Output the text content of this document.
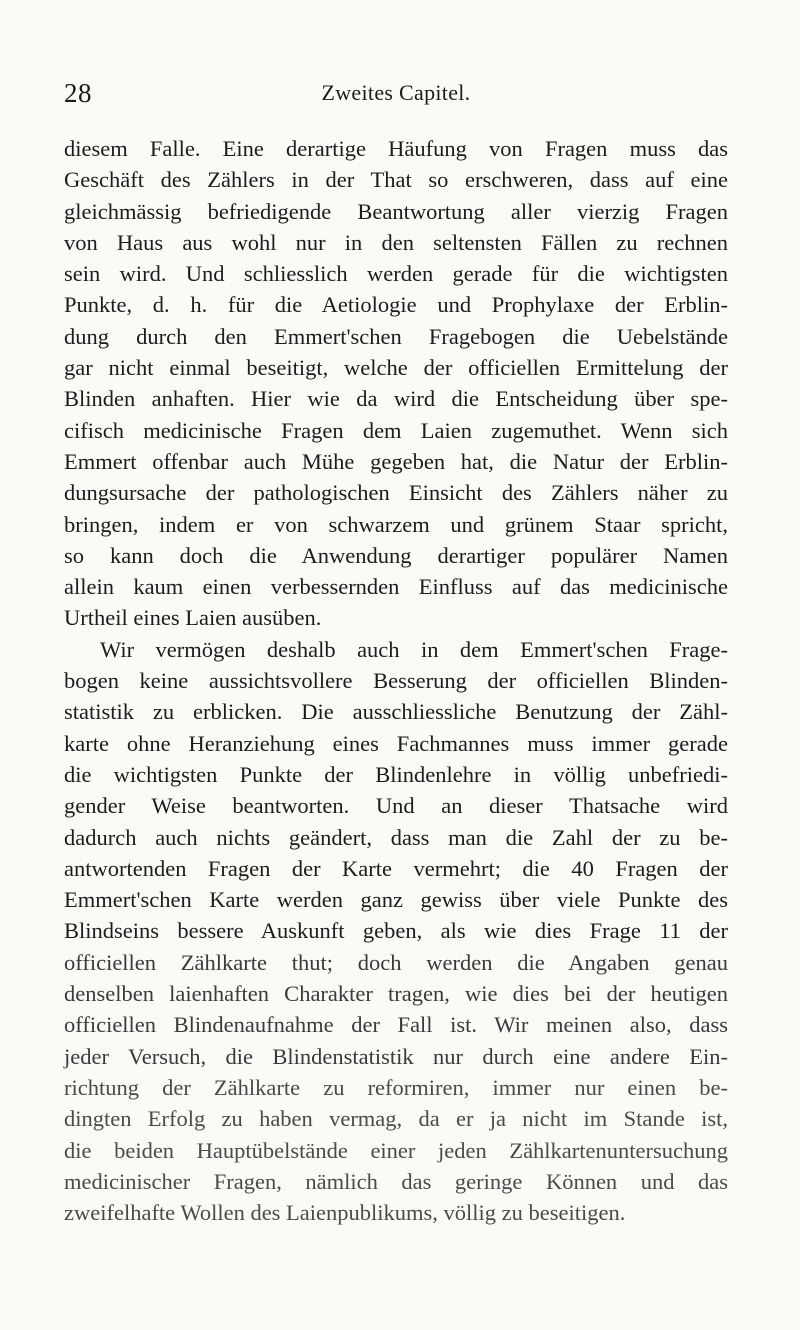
28	Zweites Capitel.
diesem Falle. Eine derartige Häufung von Fragen muss das
Geschäft des Zählers in der That so erschweren, dass auf eine
gleichmässig befriedigende Beantwortung aller vierzig Fragen
von Haus aus wohl nur in den seltensten Fällen zu rechnen
sein wird. Und schliesslich werden gerade für die wichtigsten
Punkte, d. h. für die Aetiologie und Prophylaxe der Erblin-
dung durch den Emmert'schen Fragebogen die Uebelstände
gar nicht einmal beseitigt, welche der officiellen Ermittelung der
Blinden anhaften. Hier wie da wird die Entscheidung über spe-
cifisch medicinische Fragen dem Laien zugemuthet. Wenn sich
Emmert offenbar auch Mühe gegeben hat, die Natur der Erblin-
dungsursache der pathologischen Einsicht des Zählers näher zu
bringen, indem er von schwarzem und grünem Staar spricht,
so kann doch die Anwendung derartiger populärer Namen
allein kaum einen verbessernden Einfluss auf das medicinische
Urtheil eines Laien ausüben.
Wir vermögen deshalb auch in dem Emmert'schen Frage-
bogen keine aussichtsvollere Besserung der officiellen Blinden-
statistik zu erblicken. Die ausschliessliche Benutzung der Zähl-
karte ohne Heranziehung eines Fachmannes muss immer gerade
die wichtigsten Punkte der Blindenlehre in völlig unbefriedi-
gender Weise beantworten. Und an dieser Thatsache wird
dadurch auch nichts geändert, dass man die Zahl der zu be-
antwortenden Fragen der Karte vermehrt; die 40 Fragen der
Emmert'schen Karte werden ganz gewiss über viele Punkte des
Blindseins bessere Auskunft geben, als wie dies Frage 11 der
officiellen Zählkarte thut; doch werden die Angaben genau
denselben laienhaften Charakter tragen, wie dies bei der heutigen
officiellen Blindenaufnahme der Fall ist. Wir meinen also, dass
jeder Versuch, die Blindenstatistik nur durch eine andere Ein-
richtung der Zählkarte zu reformiren, immer nur einen be-
dingten Erfolg zu haben vermag, da er ja nicht im Stande ist,
die beiden Hauptübelstände einer jeden Zählkartenuntersuchung
medicinischer Fragen, nämlich das geringe Können und das
zweifelhafte Wollen des Laienpublikums, völlig zu beseitigen.
